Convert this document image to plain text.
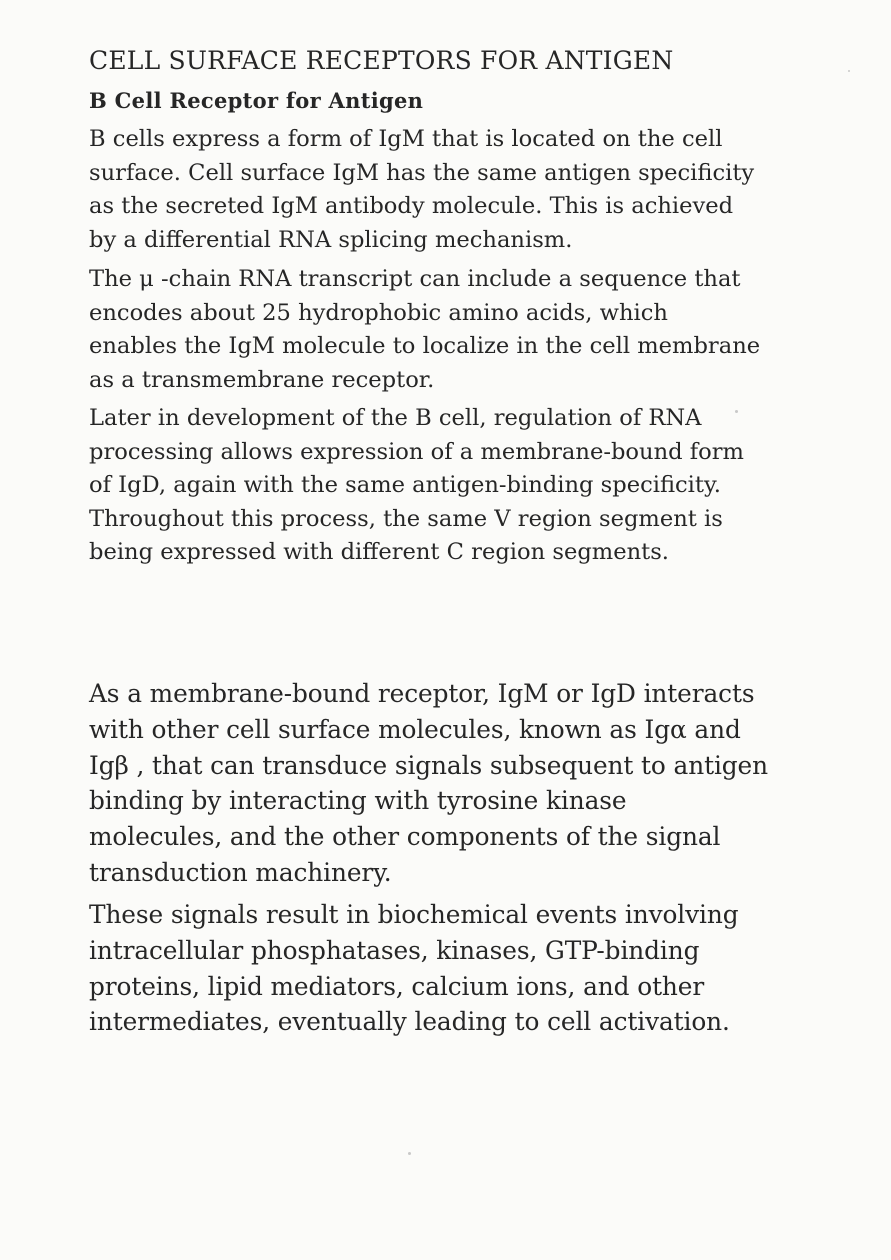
CELL SURFACE RECEPTORS FOR ANTIGEN
B Cell Receptor for Antigen
B cells express a form of IgM that is located on the cell
surface. Cell surface IgM has the same antigen specificity
as the secreted IgM antibody molecule. This is achieved
by a differential RNA splicing mechanism.
The μ -chain RNA transcript can include a sequence that
encodes about 25 hydrophobic amino acids, which
enables the IgM molecule to localize in the cell membrane
as a transmembrane receptor.
Later in development of the B cell, regulation of RNA
processing allows expression of a membrane-bound form
of IgD, again with the same antigen-binding specificity.
Throughout this process, the same V region segment is
being expressed with different C region segments.
As a membrane-bound receptor, IgM or IgD interacts
with other cell surface molecules, known as Igα and
Igβ , that can transduce signals subsequent to antigen
binding by interacting with tyrosine kinase
molecules, and the other components of the signal
transduction machinery.
These signals result in biochemical events involving
intracellular phosphatases, kinases, GTP-binding
proteins, lipid mediators, calcium ions, and other
intermediates, eventually leading to cell activation.
